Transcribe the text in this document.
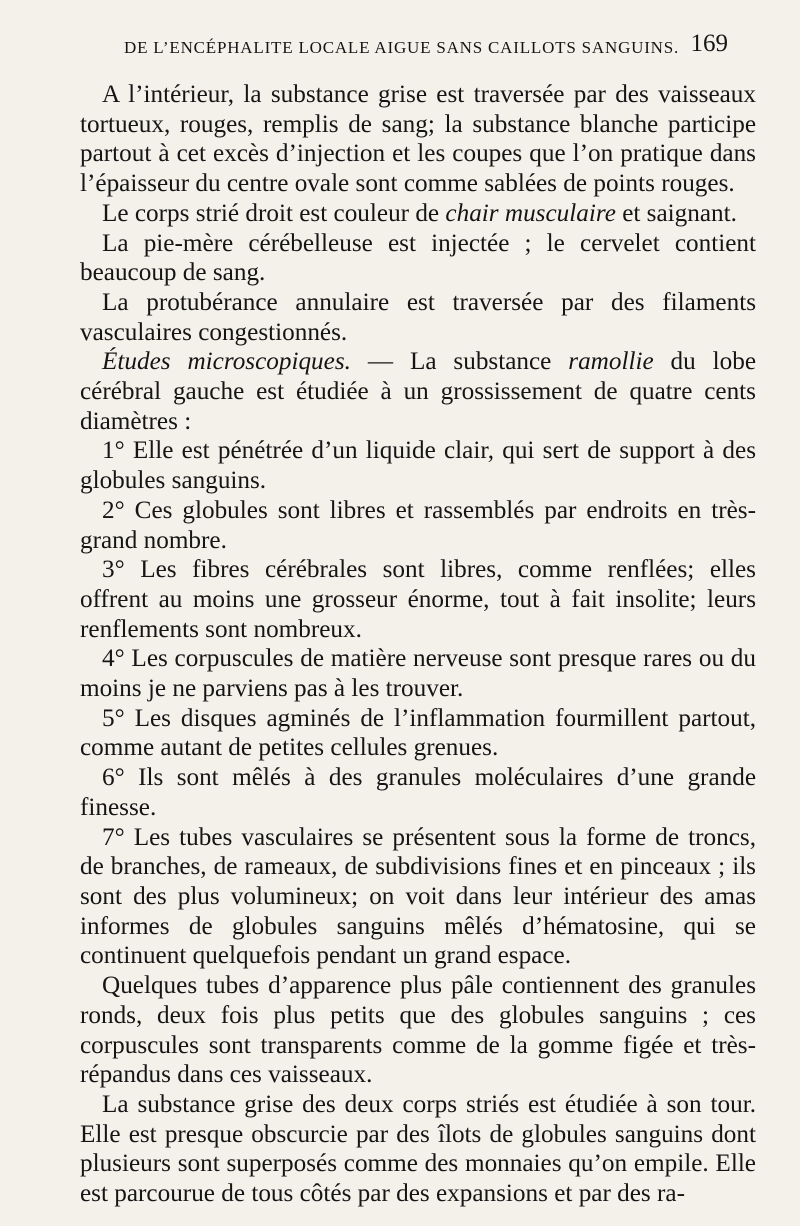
DE L’ENCÉPHALITE LOCALE AIGUE SANS CAILLOTS SANGUINS. 169

A l’intérieur, la substance grise est traversée par des vaisseaux tortueux, rouges, remplis de sang; la substance blanche participe partout à cet excès d’injection et les coupes que l’on pratique dans l’épaisseur du centre ovale sont comme sablées de points rouges.

Le corps strié droit est couleur de chair musculaire et saignant.

La pie-mère cérébelleuse est injectée ; le cervelet contient beaucoup de sang.

La protubérance annulaire est traversée par des filaments vasculaires congestionnés.

Études microscopiques. — La substance ramollie du lobe cérébral gauche est étudiée à un grossissement de quatre cents diamètres :

1° Elle est pénétrée d’un liquide clair, qui sert de support à des globules sanguins.

2° Ces globules sont libres et rassemblés par endroits en très-grand nombre.

3° Les fibres cérébrales sont libres, comme renflées; elles offrent au moins une grosseur énorme, tout à fait insolite; leurs renflements sont nombreux.

4° Les corpuscules de matière nerveuse sont presque rares ou du moins je ne parviens pas à les trouver.

5° Les disques agminés de l’inflammation fourmillent partout, comme autant de petites cellules grenues.

6° Ils sont mêlés à des granules moléculaires d’une grande finesse.

7° Les tubes vasculaires se présentent sous la forme de troncs, de branches, de rameaux, de subdivisions fines et en pinceaux ; ils sont des plus volumineux; on voit dans leur intérieur des amas informes de globules sanguins mêlés d’hématosine, qui se continuent quelquefois pendant un grand espace.

Quelques tubes d’apparence plus pâle contiennent des granules ronds, deux fois plus petits que des globules sanguins ; ces corpuscules sont transparents comme de la gomme figée et très-répandus dans ces vaisseaux.

La substance grise des deux corps striés est étudiée à son tour. Elle est presque obscurcie par des îlots de globules sanguins dont plusieurs sont superposés comme des monnaies qu’on empile. Elle est parcourue de tous côtés par des expansions et par des ra-
